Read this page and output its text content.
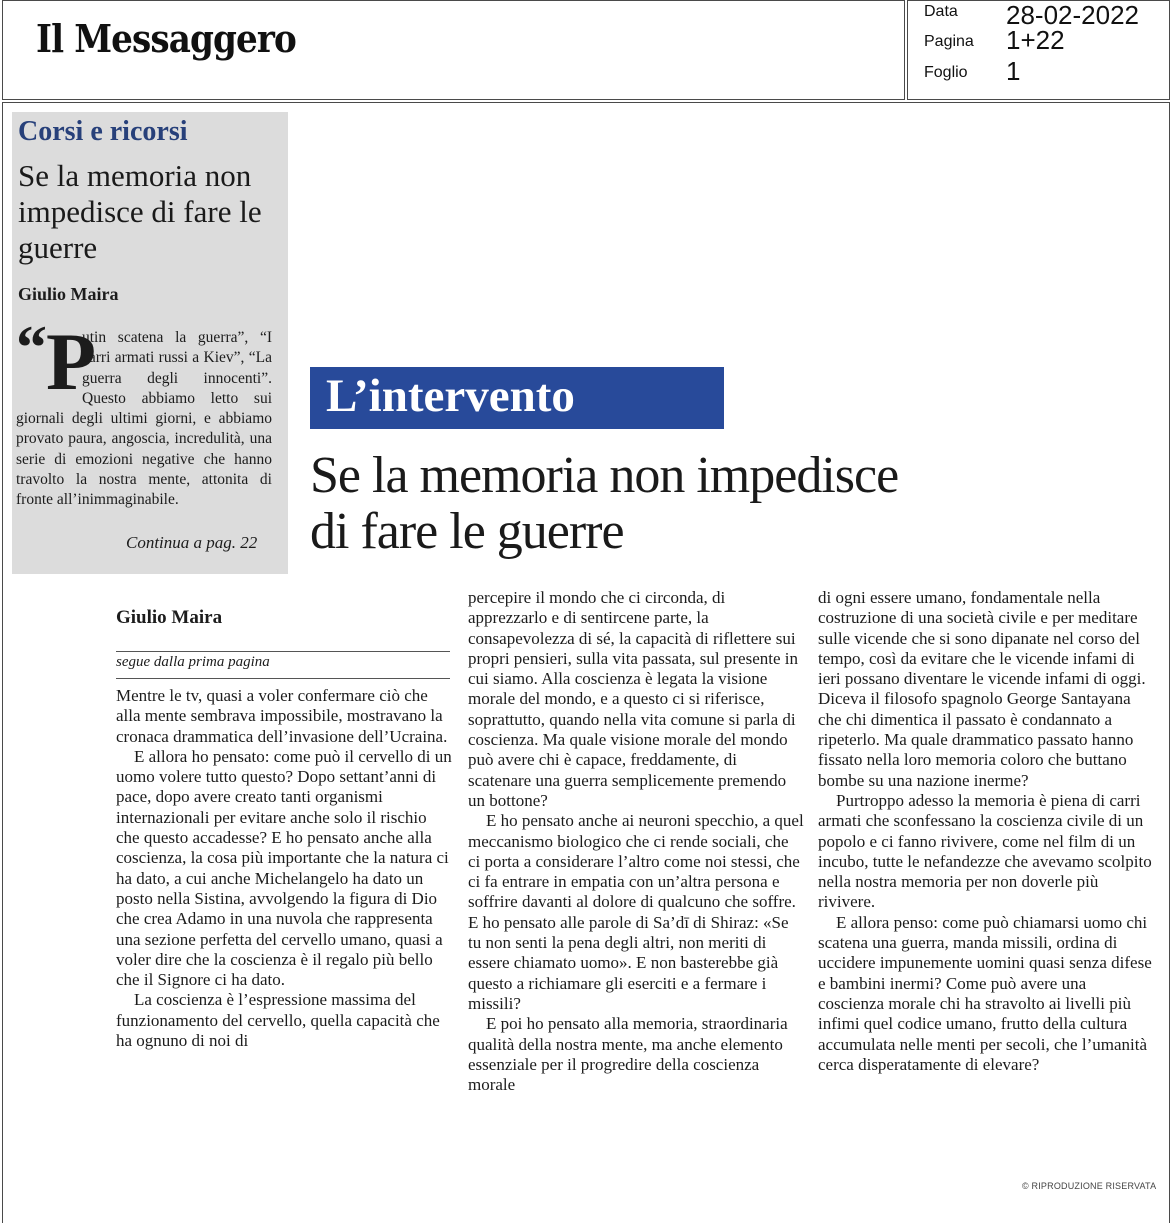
Il Messaggero
Data 28-02-2022
Pagina 1+22
Foglio 1
Corsi e ricorsi
Se la memoria non impedisce di fare le guerre
Giulio Maira
“ P
utin scatena la guerra”, “I carri armati russi a Kiev”, “La guerra degli innocenti”. Questo abbiamo letto sui giornali degli ultimi giorni, e abbiamo provato paura, angoscia, incredulità, una serie di emozioni negative che hanno travolto la nostra mente, attonita di fronte all’inimmaginabile.
Continua a pag. 22
L’intervento
Se la memoria non impedisce di fare le guerre
Giulio Maira
segue dalla prima pagina

Mentre le tv, quasi a voler confermare ciò che alla mente sembrava impossibile, mostravano la cronaca drammatica dell’invasione dell’Ucraina.

E allora ho pensato: come può il cervello di un uomo volere tutto questo? Dopo settant’anni di pace, dopo avere creato tanti organismi internazionali per evitare anche solo il rischio che questo accadesse? E ho pensato anche alla coscienza, la cosa più importante che la natura ci ha dato, a cui anche Michelangelo ha dato un posto nella Sistina, avvolgendo la figura di Dio che crea Adamo in una nuvola che rappresenta una sezione perfetta del cervello umano, quasi a voler dire che la coscienza è il regalo più bello che il Signore ci ha dato.

La coscienza è l’espressione massima del funzionamento del cervello, quella capacità che ha ognuno di noi di

percepire il mondo che ci circonda, di apprezzarlo e di sentircene parte, la consapevolezza di sé, la capacità di riflettere sui propri pensieri, sulla vita passata, sul presente in cui siamo. Alla coscienza è legata la visione morale del mondo, e a questo ci si riferisce, soprattutto, quando nella vita comune si parla di coscienza. Ma quale visione morale del mondo può avere chi è capace, freddamente, di scatenare una guerra semplicemente premendo un bottone?

E ho pensato anche ai neuroni specchio, a quel meccanismo biologico che ci rende sociali, che ci porta a considerare l’altro come noi stessi, che ci fa entrare in empatia con un’altra persona e soffrire davanti al dolore di qualcuno che soffre. E ho pensato alle parole di Sa’dī di Shiraz: «Se tu non senti la pena degli altri, non meriti di essere chiamato uomo». E non basterebbe già questo a richiamare gli eserciti e a fermare i missili?

E poi ho pensato alla memoria, straordinaria qualità della nostra mente, ma anche elemento essenziale per il progredire della coscienza morale

di ogni essere umano, fondamentale nella costruzione di una società civile e per meditare sulle vicende che si sono dipanate nel corso del tempo, così da evitare che le vicende infami di ieri possano diventare le vicende infami di oggi. Diceva il filosofo spagnolo George Santayana che chi dimentica il passato è condannato a ripeterlo. Ma quale drammatico passato hanno fissato nella loro memoria coloro che buttano bombe su una nazione inerme?

Purtroppo adesso la memoria è piena di carri armati che sconfessano la coscienza civile di un popolo e ci fanno rivivere, come nel film di un incubo, tutte le nefandezze che avevamo scolpito nella nostra memoria per non doverle più rivivere.

E allora penso: come può chiamarsi uomo chi scatena una guerra, manda missili, ordina di uccidere impunemente uomini quasi senza difese e bambini inermi? Come può avere una coscienza morale chi ha stravolto ai livelli più infimi quel codice umano, frutto della cultura accumulata nelle menti per secoli, che l’umanità cerca disperatamente di elevare?

© RIPRODUZIONE RISERVATA
